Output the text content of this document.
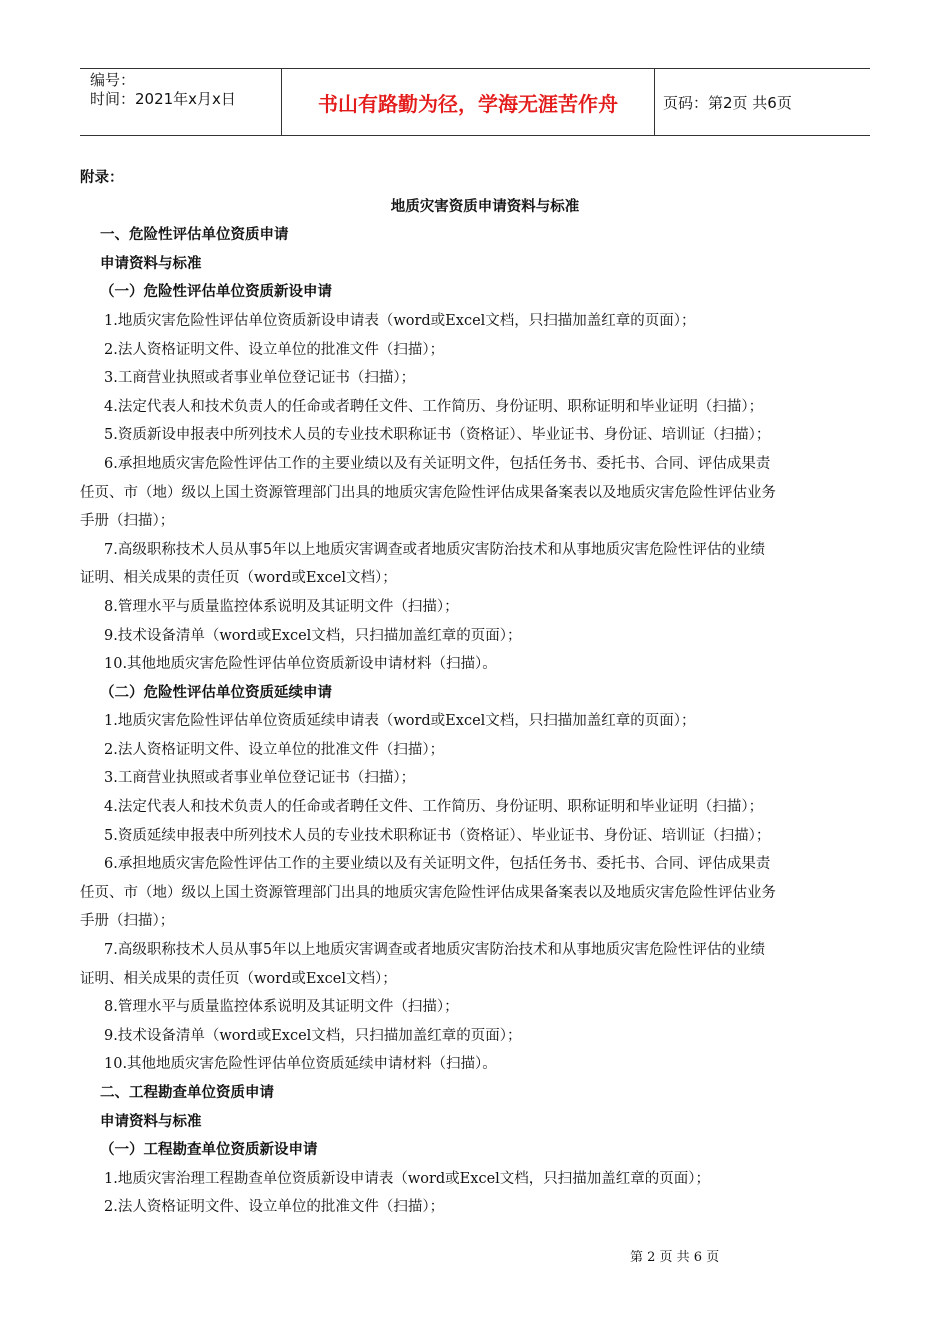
编号：
时间：2021年x月x日	书山有路勤为径，学海无涯苦作舟	页码：第2页 共6页
附录：
地质灾害资质申请资料与标准
一、危险性评估单位资质申请
申请资料与标准
（一）危险性评估单位资质新设申请
1.地质灾害危险性评估单位资质新设申请表（word或Excel文档，只扫描加盖红章的页面）；
2.法人资格证明文件、设立单位的批准文件（扫描）；
3.工商营业执照或者事业单位登记证书（扫描）；
4.法定代表人和技术负责人的任命或者聘任文件、工作简历、身份证明、职称证明和毕业证明（扫描）；
5.资质新设申报表中所列技术人员的专业技术职称证书（资格证）、毕业证书、身份证、培训证（扫描）；
6.承担地质灾害危险性评估工作的主要业绩以及有关证明文件，包括任务书、委托书、合同、评估成果责
任页、市（地）级以上国土资源管理部门出具的地质灾害危险性评估成果备案表以及地质灾害危险性评估业务
手册（扫描）；
7.高级职称技术人员从事5年以上地质灾害调查或者地质灾害防治技术和从事地质灾害危险性评估的业绩
证明、相关成果的责任页（word或Excel文档）；
8.管理水平与质量监控体系说明及其证明文件（扫描）；
9.技术设备清单（word或Excel文档，只扫描加盖红章的页面）；
10.其他地质灾害危险性评估单位资质新设申请材料（扫描）。
（二）危险性评估单位资质延续申请
1.地质灾害危险性评估单位资质延续申请表（word或Excel文档，只扫描加盖红章的页面）；
2.法人资格证明文件、设立单位的批准文件（扫描）；
3.工商营业执照或者事业单位登记证书（扫描）；
4.法定代表人和技术负责人的任命或者聘任文件、工作简历、身份证明、职称证明和毕业证明（扫描）；
5.资质延续申报表中所列技术人员的专业技术职称证书（资格证）、毕业证书、身份证、培训证（扫描）；
6.承担地质灾害危险性评估工作的主要业绩以及有关证明文件，包括任务书、委托书、合同、评估成果责
任页、市（地）级以上国土资源管理部门出具的地质灾害危险性评估成果备案表以及地质灾害危险性评估业务
手册（扫描）；
7.高级职称技术人员从事5年以上地质灾害调查或者地质灾害防治技术和从事地质灾害危险性评估的业绩
证明、相关成果的责任页（word或Excel文档）；
8.管理水平与质量监控体系说明及其证明文件（扫描）；
9.技术设备清单（word或Excel文档，只扫描加盖红章的页面）；
10.其他地质灾害危险性评估单位资质延续申请材料（扫描）。
二、工程勘查单位资质申请
申请资料与标准
（一）工程勘查单位资质新设申请
1.地质灾害治理工程勘查单位资质新设申请表（word或Excel文档，只扫描加盖红章的页面）；
2.法人资格证明文件、设立单位的批准文件（扫描）；
第 2 页 共 6 页
